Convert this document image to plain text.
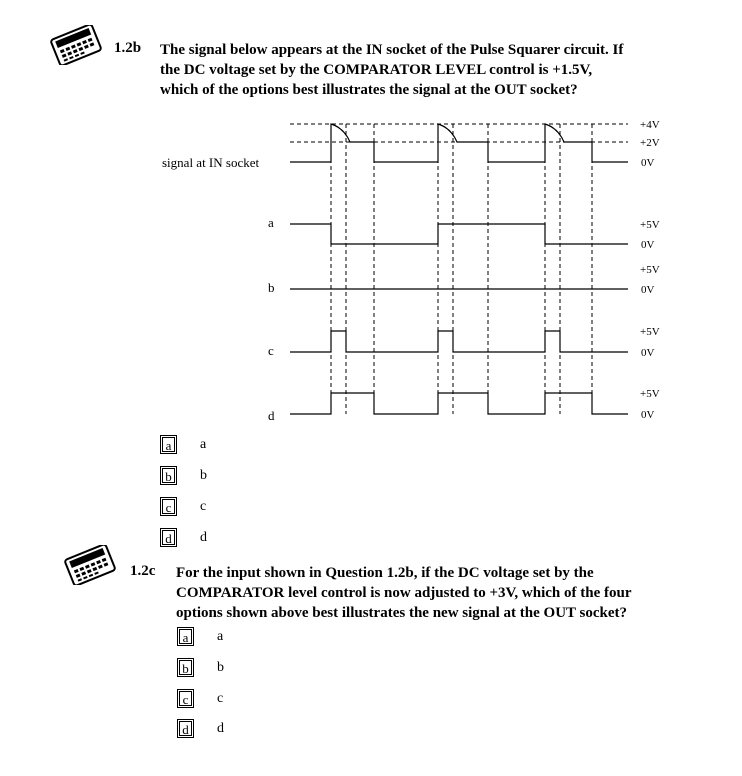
1.2b The signal below appears at the IN socket of the Pulse Squarer circuit. If
the DC voltage set by the COMPARATOR LEVEL control is +1.5V,
which of the options best illustrates the signal at the OUT socket?
signal at IN socket
+4V
+2V
0V
a	+5V
0V
b
+5V
0V
c
+5V
0V
d
+5V
0V
a a
b b
c c
d d
1.2c For the input shown in Question 1.2b, if the DC voltage set by the
COMPARATOR level control is now adjusted to +3V, which of the four
options shown above best illustrates the new signal at the OUT socket?
a a
b b
c c
d d
